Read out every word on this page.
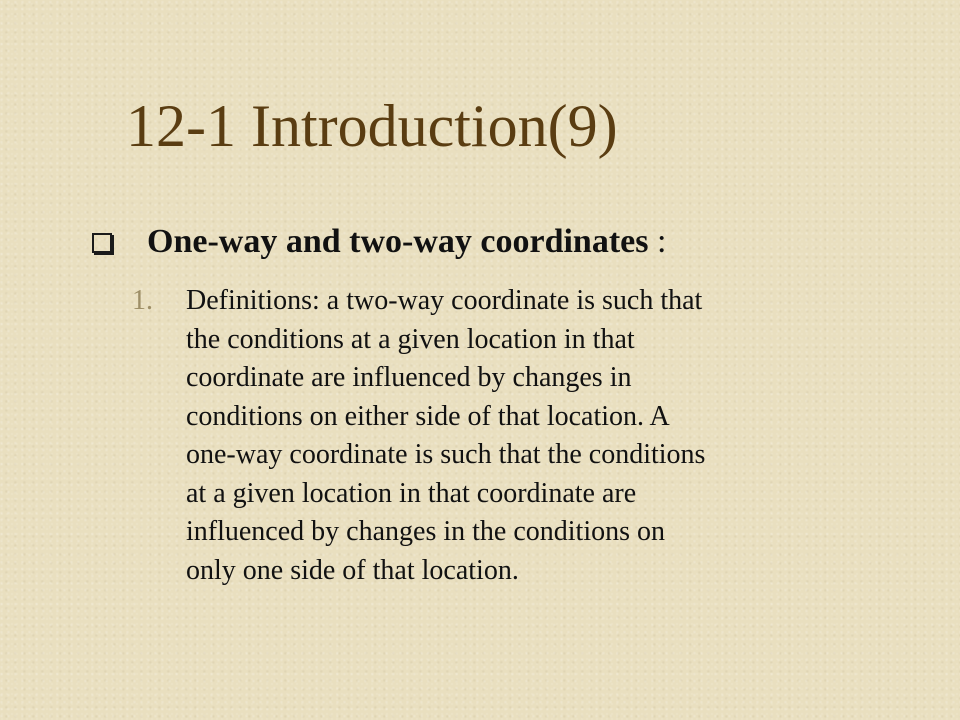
12-1 Introduction(9)
One-way and two-way coordinates :
1. Definitions: a two-way coordinate is such that
the conditions at a given location in that
coordinate are influenced by changes in
conditions on either side of that location. A
one-way coordinate is such that the conditions
at a given location in that coordinate are
influenced by changes in the conditions on
only one side of that location.
